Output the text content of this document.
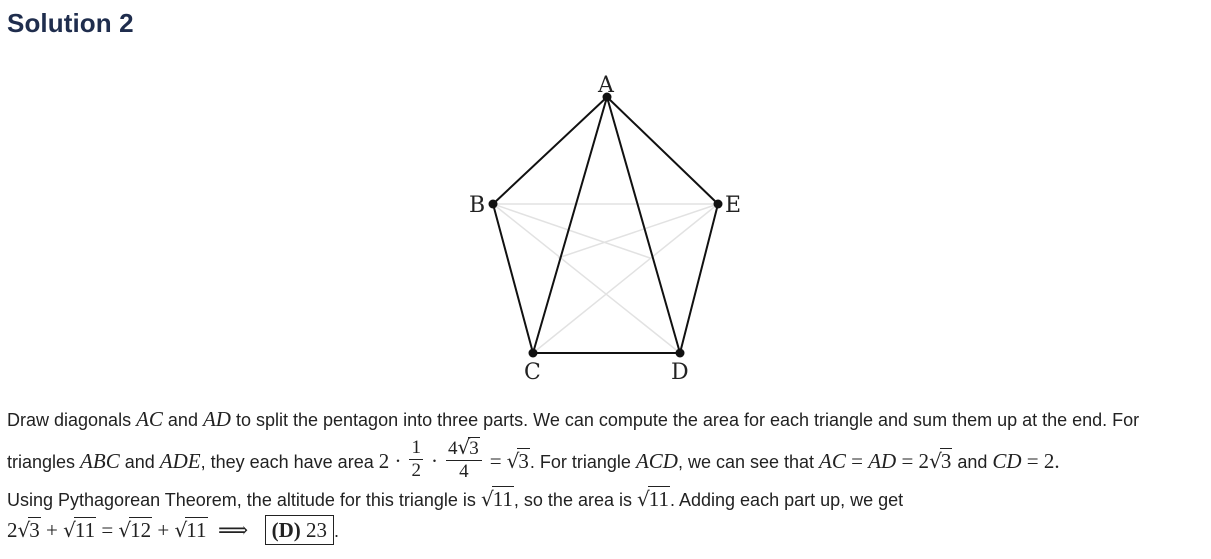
Solution 2
A
B
C	D
E
Draw diagonals AC and AD to split the pentagon into three parts. We can compute the area for each triangle and sum them up at the end. For
triangles ABC and ADE, they each have area $2 \cdot \frac{1}{2} \cdot \frac{4√3}{4} = √3$. For triangle ACD, we can see that AC = AD = 2√3 and CD = 2.
Using Pythagorean Theorem, the altitude for this triangle is √11, so the area is √11. Adding each part up, we get
2√3 + √11 = √12 + √11  ⟹  (D) 23 .
